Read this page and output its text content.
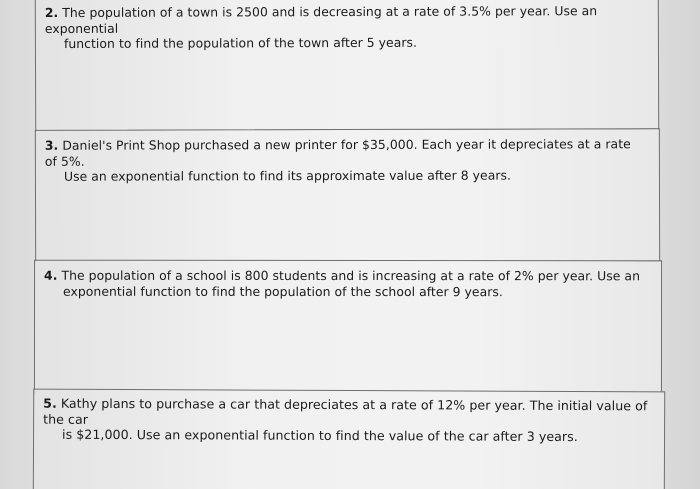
2. The population of a town is 2500 and is decreasing at a rate of 3.5% per year. Use an exponential
function to find the population of the town after 5 years.
3. Daniel's Print Shop purchased a new printer for $35,000. Each year it depreciates at a rate of 5%.
Use an exponential function to find its approximate value after 8 years.
4. The population of a school is 800 students and is increasing at a rate of 2% per year. Use an
exponential function to find the population of the school after 9 years.
5. Kathy plans to purchase a car that depreciates at a rate of 12% per year. The initial value of the car
is $21,000. Use an exponential function to find the value of the car after 3 years.
